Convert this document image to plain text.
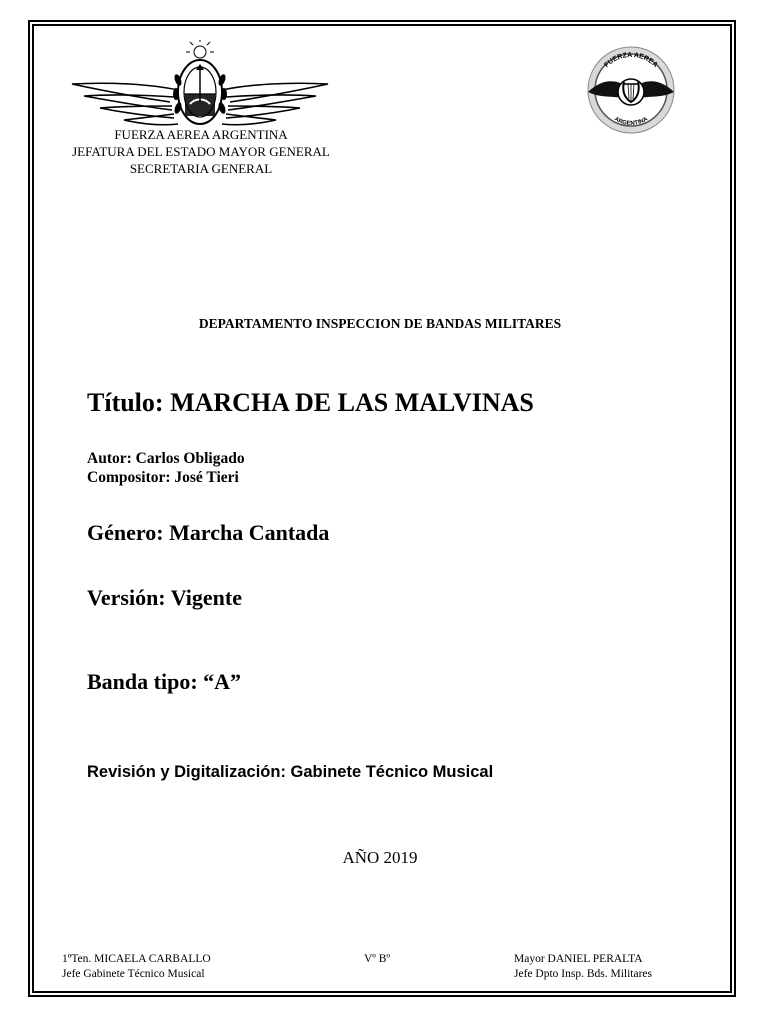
FUERZA AEREA
ARGENTINA
FUERZA AEREA ARGENTINA
JEFATURA DEL ESTADO MAYOR GENERAL
SECRETARIA GENERAL
DEPARTAMENTO INSPECCION DE BANDAS MILITARES
Título: MARCHA DE LAS MALVINAS
Autor: Carlos Obligado
Compositor: José Tieri
Género: Marcha Cantada
Versión: Vigente
Banda tipo: “A”
Revisión y Digitalización: Gabinete Técnico Musical
AÑO 2019
1ºTen. MICAELA CARBALLO
Jefe Gabinete Técnico Musical
Vº Bº	Mayor DANIEL PERALTA
Jefe Dpto Insp. Bds. Militares
